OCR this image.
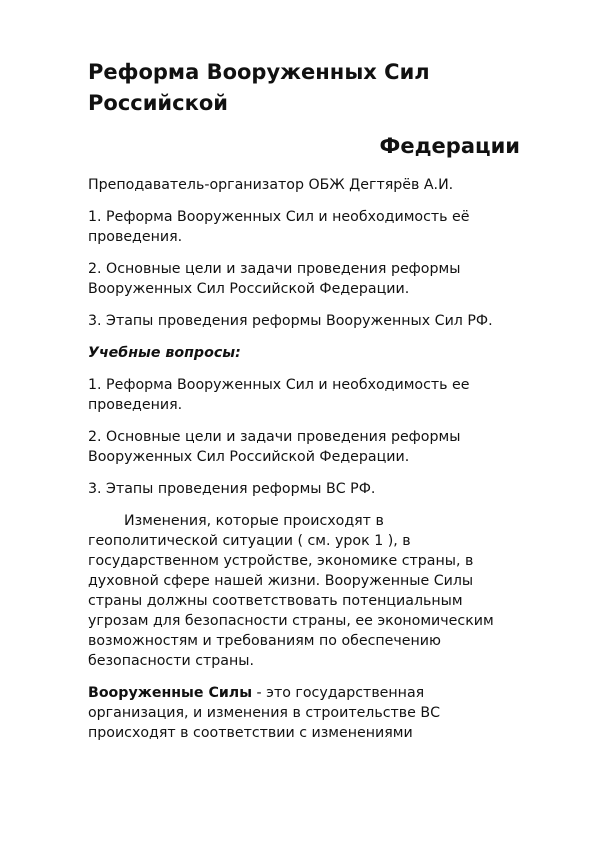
Реформа Вооруженных Сил
Российской
Федерации

Преподаватель-организатор ОБЖ Дегтярёв А.И.

1. Реформа Вооруженных Сил и необходимость её
проведения.

2. Основные цели и задачи проведения реформы
Вооруженных Сил Российской Федерации.

3. Этапы проведения реформы Вооруженных Сил РФ.

Учебные вопросы:

1. Реформа Вооруженных Сил и необходимость ее
проведения.

2. Основные цели и задачи проведения реформы
Вооруженных Сил Российской Федерации.

3. Этапы проведения реформы ВС РФ.

Изменения, которые происходят в
геополитической ситуации ( см. урок 1 ), в
государственном устройстве, экономике страны, в
духовной сфере нашей жизни. Вооруженные Силы
страны должны соответствовать потенциальным
угрозам для безопасности страны, ее экономическим
возможностям и требованиям по обеспечению
безопасности страны.

Вооруженные Силы - это государственная
организация, и изменения в строительстве ВС
происходят в соответствии с изменениями
